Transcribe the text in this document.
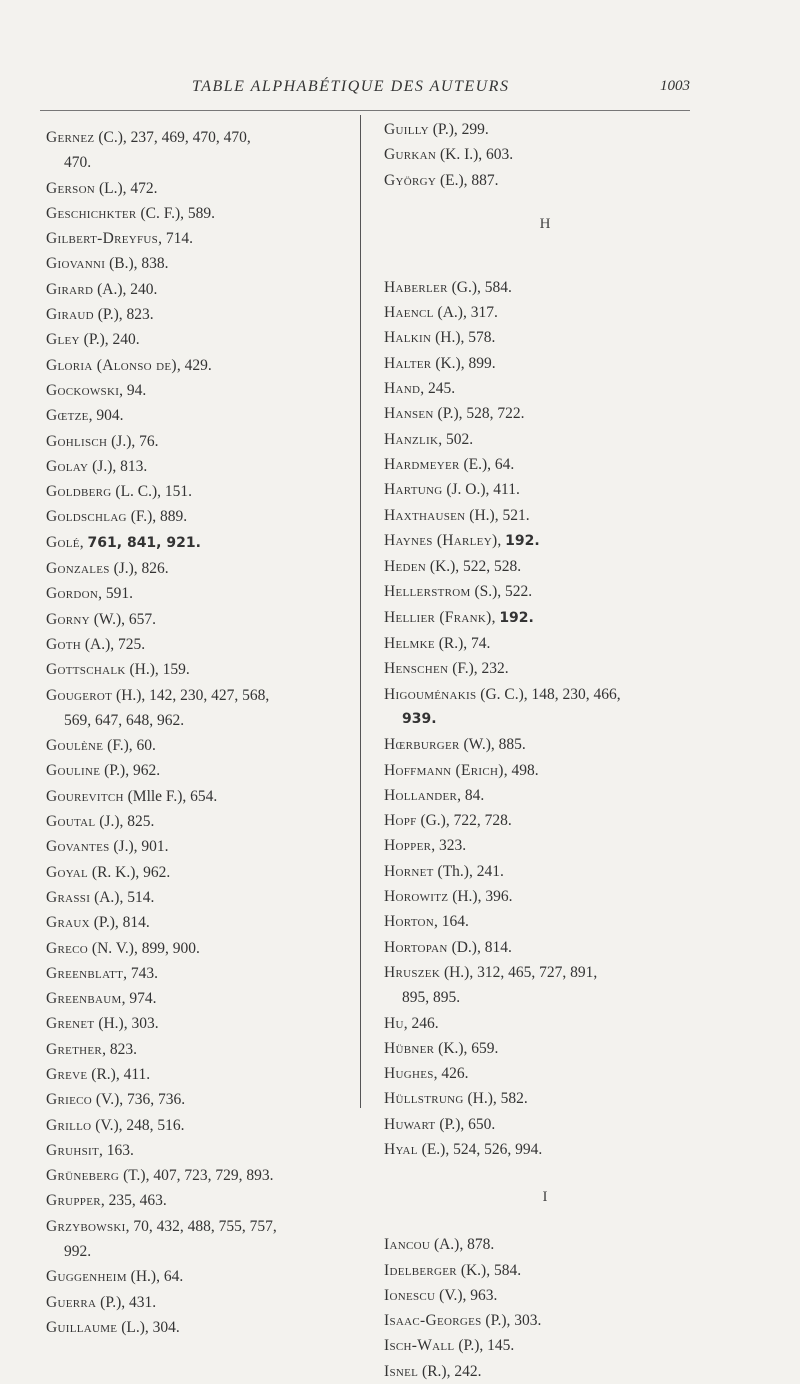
TABLE ALPHABÉTIQUE DES AUTEURS	1003
Gernez (C.), 237, 469, 470, 470,
470.
Gerson (L.), 472.
Geschichkter (C. F.), 589.
Gilbert-Dreyfus, 714.
Giovanni (B.), 838.
Girard (A.), 240.
Giraud (P.), 823.
Gley (P.), 240.
Gloria (Alonso de), 429.
Gockowski, 94.
Gœtze, 904.
Gohlisch (J.), 76.
Golay (J.), 813.
Goldberg (L. C.), 151.
Goldschlag (F.), 889.
Golé, 761, 841, 921.
Gonzales (J.), 826.
Gordon, 591.
Gorny (W.), 657.
Goth (A.), 725.
Gottschalk (H.), 159.
Gougerot (H.), 142, 230, 427, 568,
569, 647, 648, 962.
Goulène (F.), 60.
Gouline (P.), 962.
Gourevitch (Mlle F.), 654.
Goutal (J.), 825.
Govantes (J.), 901.
Goyal (R. K.), 962.
Grassi (A.), 514.
Graux (P.), 814.
Greco (N. V.), 899, 900.
Greenblatt, 743.
Greenbaum, 974.
Grenet (H.), 303.
Grether, 823.
Greve (R.), 411.
Grieco (V.), 736, 736.
Grillo (V.), 248, 516.
Gruhsit, 163.
Grüneberg (T.), 407, 723, 729, 893.
Grupper, 235, 463.
Grzybowski, 70, 432, 488, 755, 757,
992.
Guggenheim (H.), 64.
Guerra (P.), 431.
Guillaume (L.), 304.
Guilly (P.), 299.
Gurkan (K. I.), 603.
György (E.), 887.
H
Haberler (G.), 584.
Haencl (A.), 317.
Halkin (H.), 578.
Halter (K.), 899.
Hand, 245.
Hansen (P.), 528, 722.
Hanzlik, 502.
Hardmeyer (E.), 64.
Hartung (J. O.), 411.
Haxthausen (H.), 521.
Haynes (Harley), 192.
Heden (K.), 522, 528.
Hellerstrom (S.), 522.
Hellier (Frank), 192.
Helmke (R.), 74.
Henschen (F.), 232.
Higouménakis (G. C.), 148, 230, 466,
939.
Hœrburger (W.), 885.
Hoffmann (Erich), 498.
Hollander, 84.
Hopf (G.), 722, 728.
Hopper, 323.
Hornet (Th.), 241.
Horowitz (H.), 396.
Horton, 164.
Hortopan (D.), 814.
Hruszek (H.), 312, 465, 727, 891,
895, 895.
Hu, 246.
Hübner (K.), 659.
Hughes, 426.
Hüllstrung (H.), 582.
Huwart (P.), 650.
Hyal (E.), 524, 526, 994.
I
Iancou (A.), 878.
Idelberger (K.), 584.
Ionescu (V.), 963.
Isaac-Georges (P.), 303.
Isch-Wall (P.), 145.
Isnel (R.), 242.
